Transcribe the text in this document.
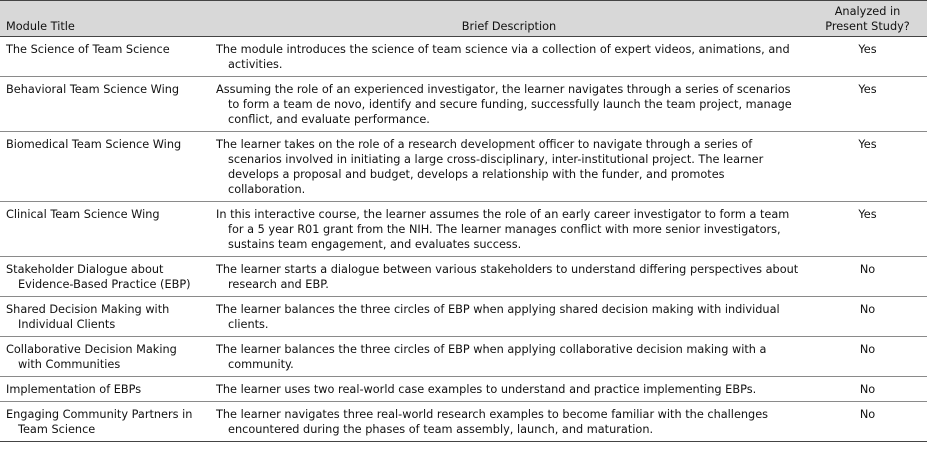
Module Title	Brief Description	Analyzed in Present Study?

The Science of Team Science	The module introduces the science of team science via a collection of expert videos, animations, and activities.	Yes

Behavioral Team Science Wing	Assuming the role of an experienced investigator, the learner navigates through a series of scenarios to form a team de novo, identify and secure funding, successfully launch the team project, manage conflict, and evaluate performance.	Yes

Biomedical Team Science Wing	The learner takes on the role of a research development officer to navigate through a series of scenarios involved in initiating a large cross-disciplinary, inter-institutional project. The learner develops a proposal and budget, develops a relationship with the funder, and promotes collaboration.	Yes

Clinical Team Science Wing	In this interactive course, the learner assumes the role of an early career investigator to form a team for a 5 year R01 grant from the NIH. The learner manages conflict with more senior investigators, sustains team engagement, and evaluates success.	Yes

Stakeholder Dialogue about Evidence-Based Practice (EBP)	The learner starts a dialogue between various stakeholders to understand differing perspectives about research and EBP.	No

Shared Decision Making with Individual Clients	The learner balances the three circles of EBP when applying shared decision making with individual clients.	No

Collaborative Decision Making with Communities	The learner balances the three circles of EBP when applying collaborative decision making with a community.	No

Implementation of EBPs	The learner uses two real-world case examples to understand and practice implementing EBPs.	No

Engaging Community Partners in Team Science	The learner navigates three real-world research examples to become familiar with the challenges encountered during the phases of team assembly, launch, and maturation.	No
